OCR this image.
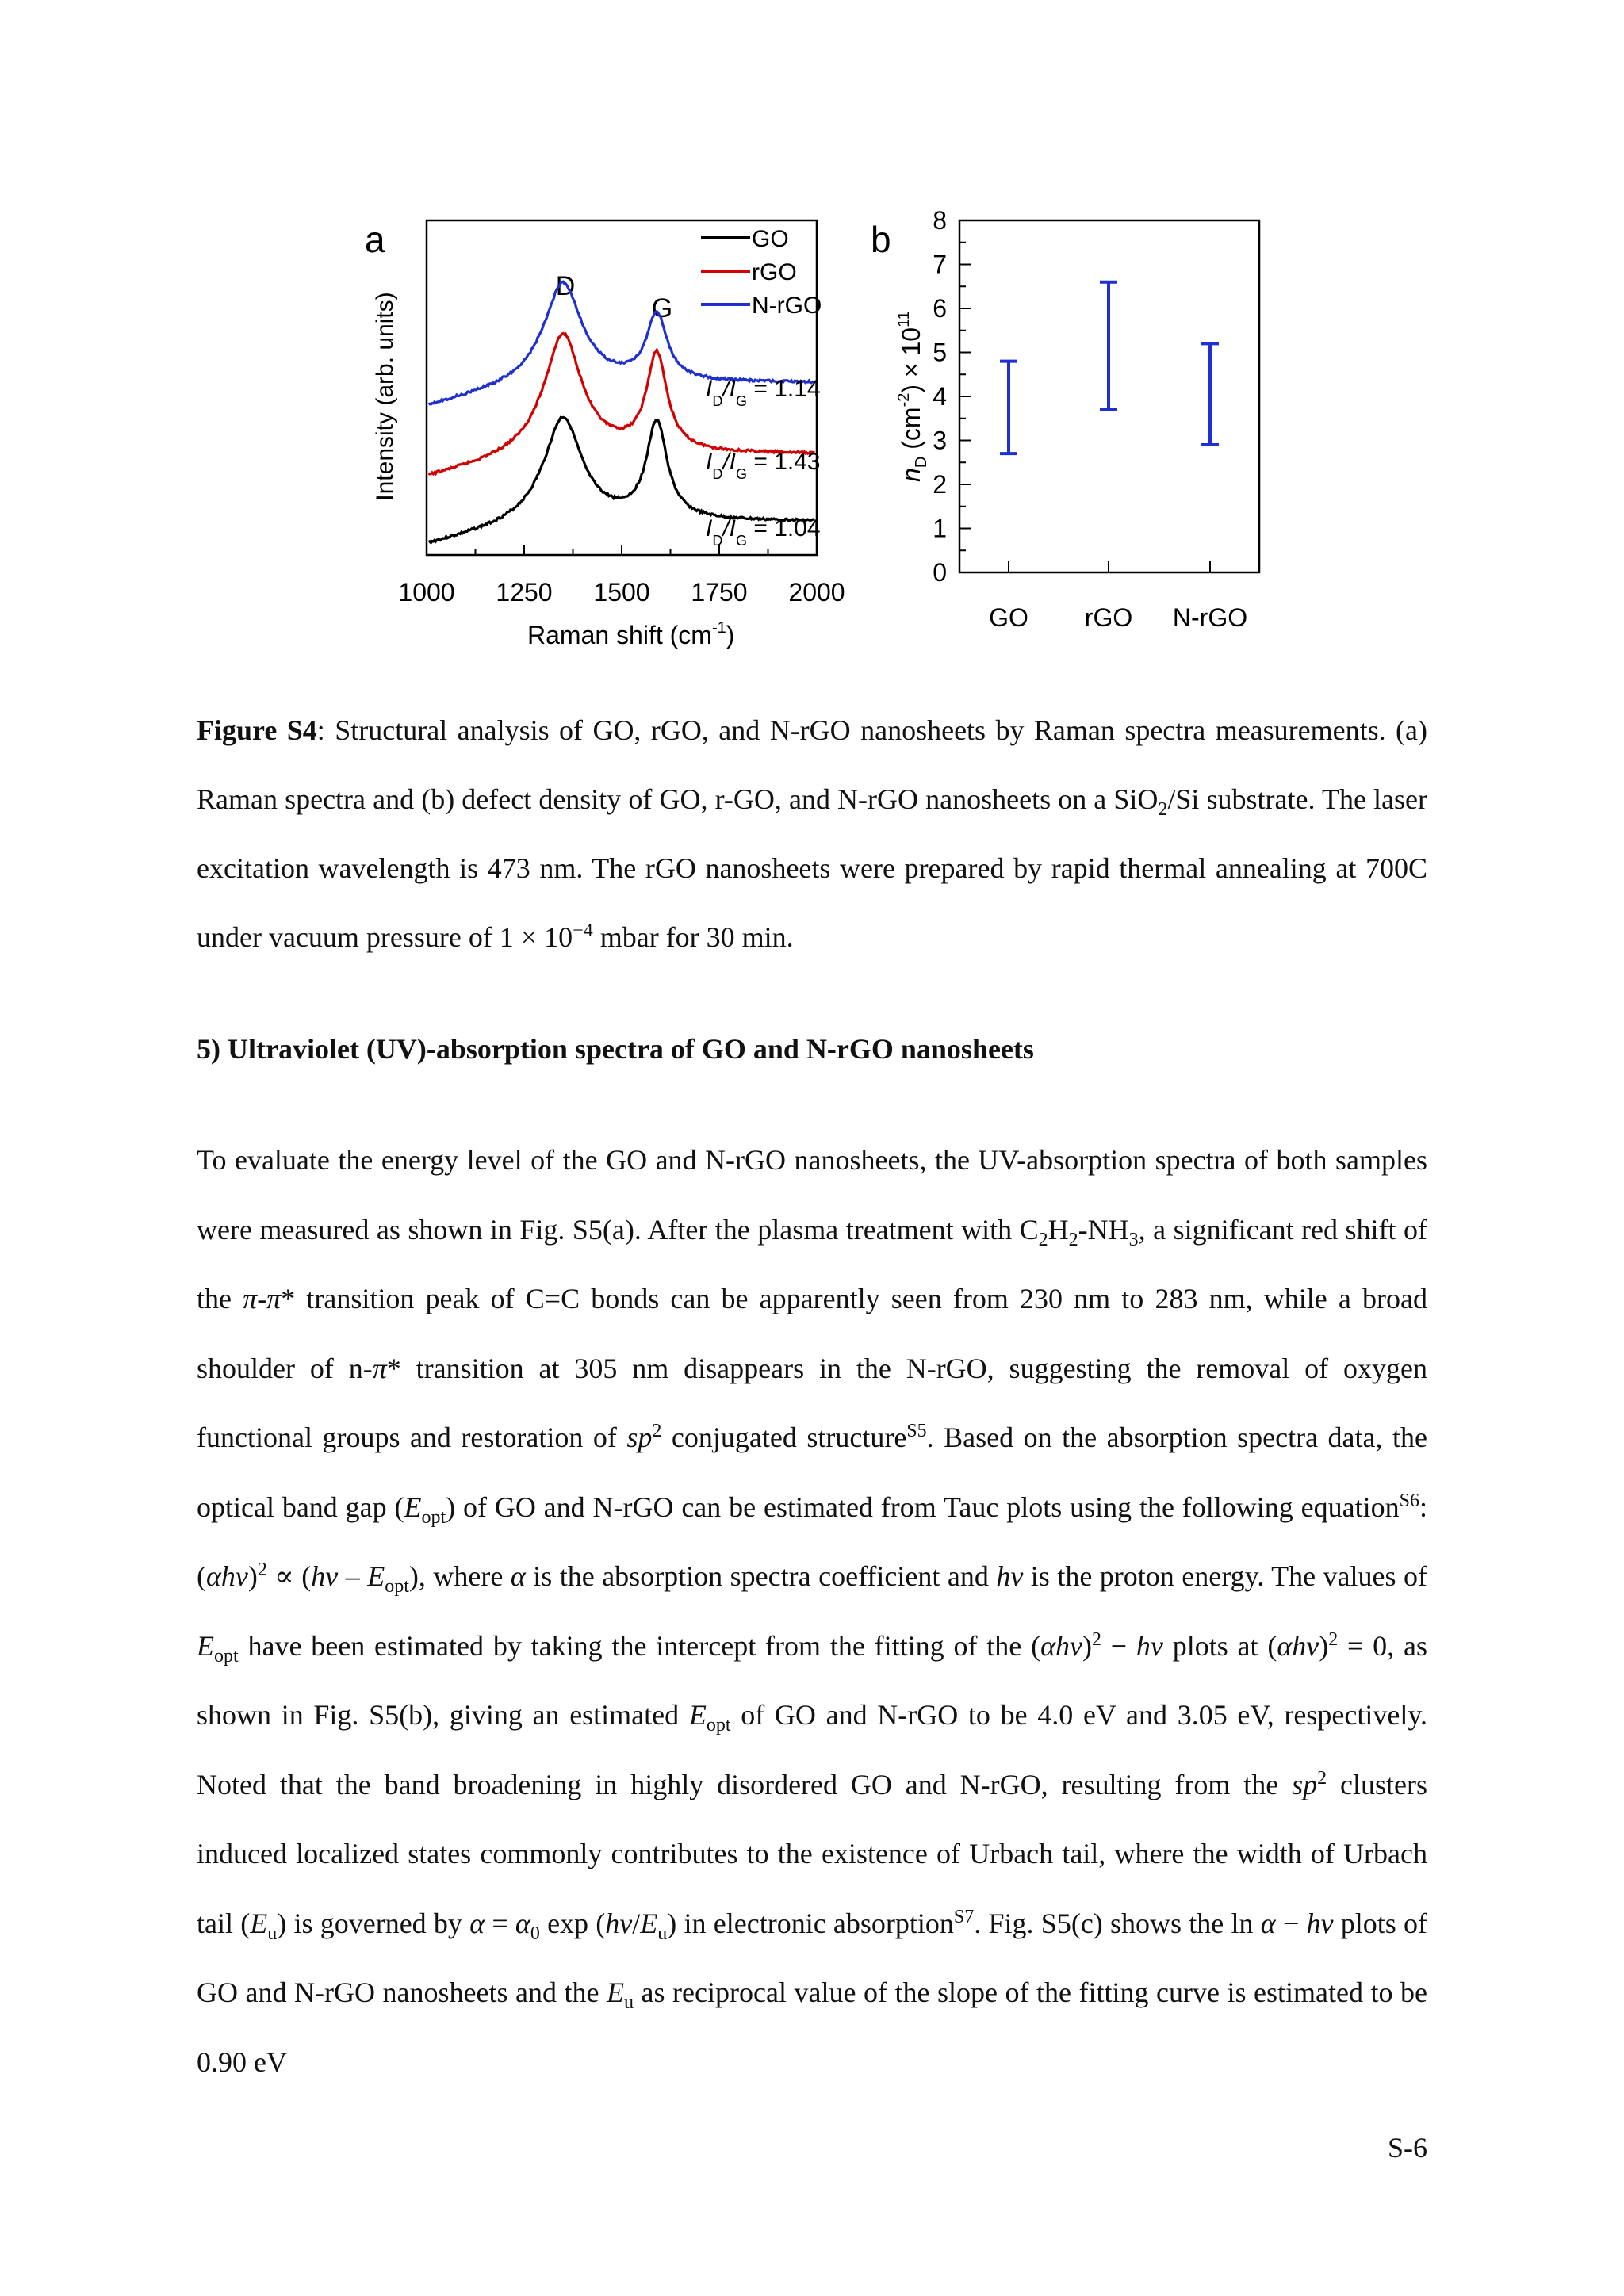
a
1000 1250 1500 1750 2000
Intensity (arb. units)
Raman shift $(cm^{-1})$
D
G
GO
rGO
N-rGO
$I_D/I_G = 1.14$
$I_D/I_G = 1.43$
$I_D/I_G = 1.04$
b
0
1
2
3
4
5
6
7
8
GO rGO N-rGO
$n_D$ $(cm^{-2}) \times 10^{11}$
Figure S4: Structural analysis of GO, rGO, and N-rGO nanosheets by Raman spectra measurements. (a) Raman spectra and (b) defect density of GO, r-GO, and N-rGO nanosheets on a SiO$_2$/Si substrate. The laser excitation wavelength is 473 nm. The rGO nanosheets were prepared by rapid thermal annealing at 700C under vacuum pressure of $1 \times 10^{-4}$ mbar for 30 min.
5) Ultraviolet (UV)-absorption spectra of GO and N-rGO nanosheets
To evaluate the energy level of the GO and N-rGO nanosheets, the UV-absorption spectra of both samples were measured as shown in Fig. S5(a). After the plasma treatment with $C_2H_2-NH_3$, a significant red shift of the π-π* transition peak of C=C bonds can be apparently seen from 230 nm to 283 nm, while a broad shoulder of n-π* transition at 305 nm disappears in the N-rGO, suggesting the removal of oxygen functional groups and restoration of $sp^2$ conjugated structure$^{S5}$. Based on the absorption spectra data, the optical band gap $(E_{opt})$ of GO and N-rGO can be estimated from Tauc plots using the following equation$^{S6}$: $(\alpha hv)^2 \propto (hv - E_{opt})$, where α is the absorption spectra coefficient and hv is the proton energy. The values of $E_{opt}$ have been estimated by taking the intercept from the fitting of the $(\alpha hv)^2$ − hv plots at $(\alpha hv)^2 = 0$, as shown in Fig. S5(b), giving an estimated $E_{opt}$ of GO and N-rGO to be 4.0 eV and 3.05 eV, respectively. Noted that the band broadening in highly disordered GO and N-rGO, resulting from the $sp^2$ clusters induced localized states commonly contributes to the existence of Urbach tail, where the width of Urbach tail $(E_u)$ is governed by $\alpha = \alpha_0$ $\exp (hv/E_u)$ in electronic absorption$^{S7}$. Fig. S5(c) shows the ln α − hv plots of GO and N-rGO nanosheets and the $E_u$ as reciprocal value of the slope of the fitting curve is estimated to be 0.90 eV
S-6
